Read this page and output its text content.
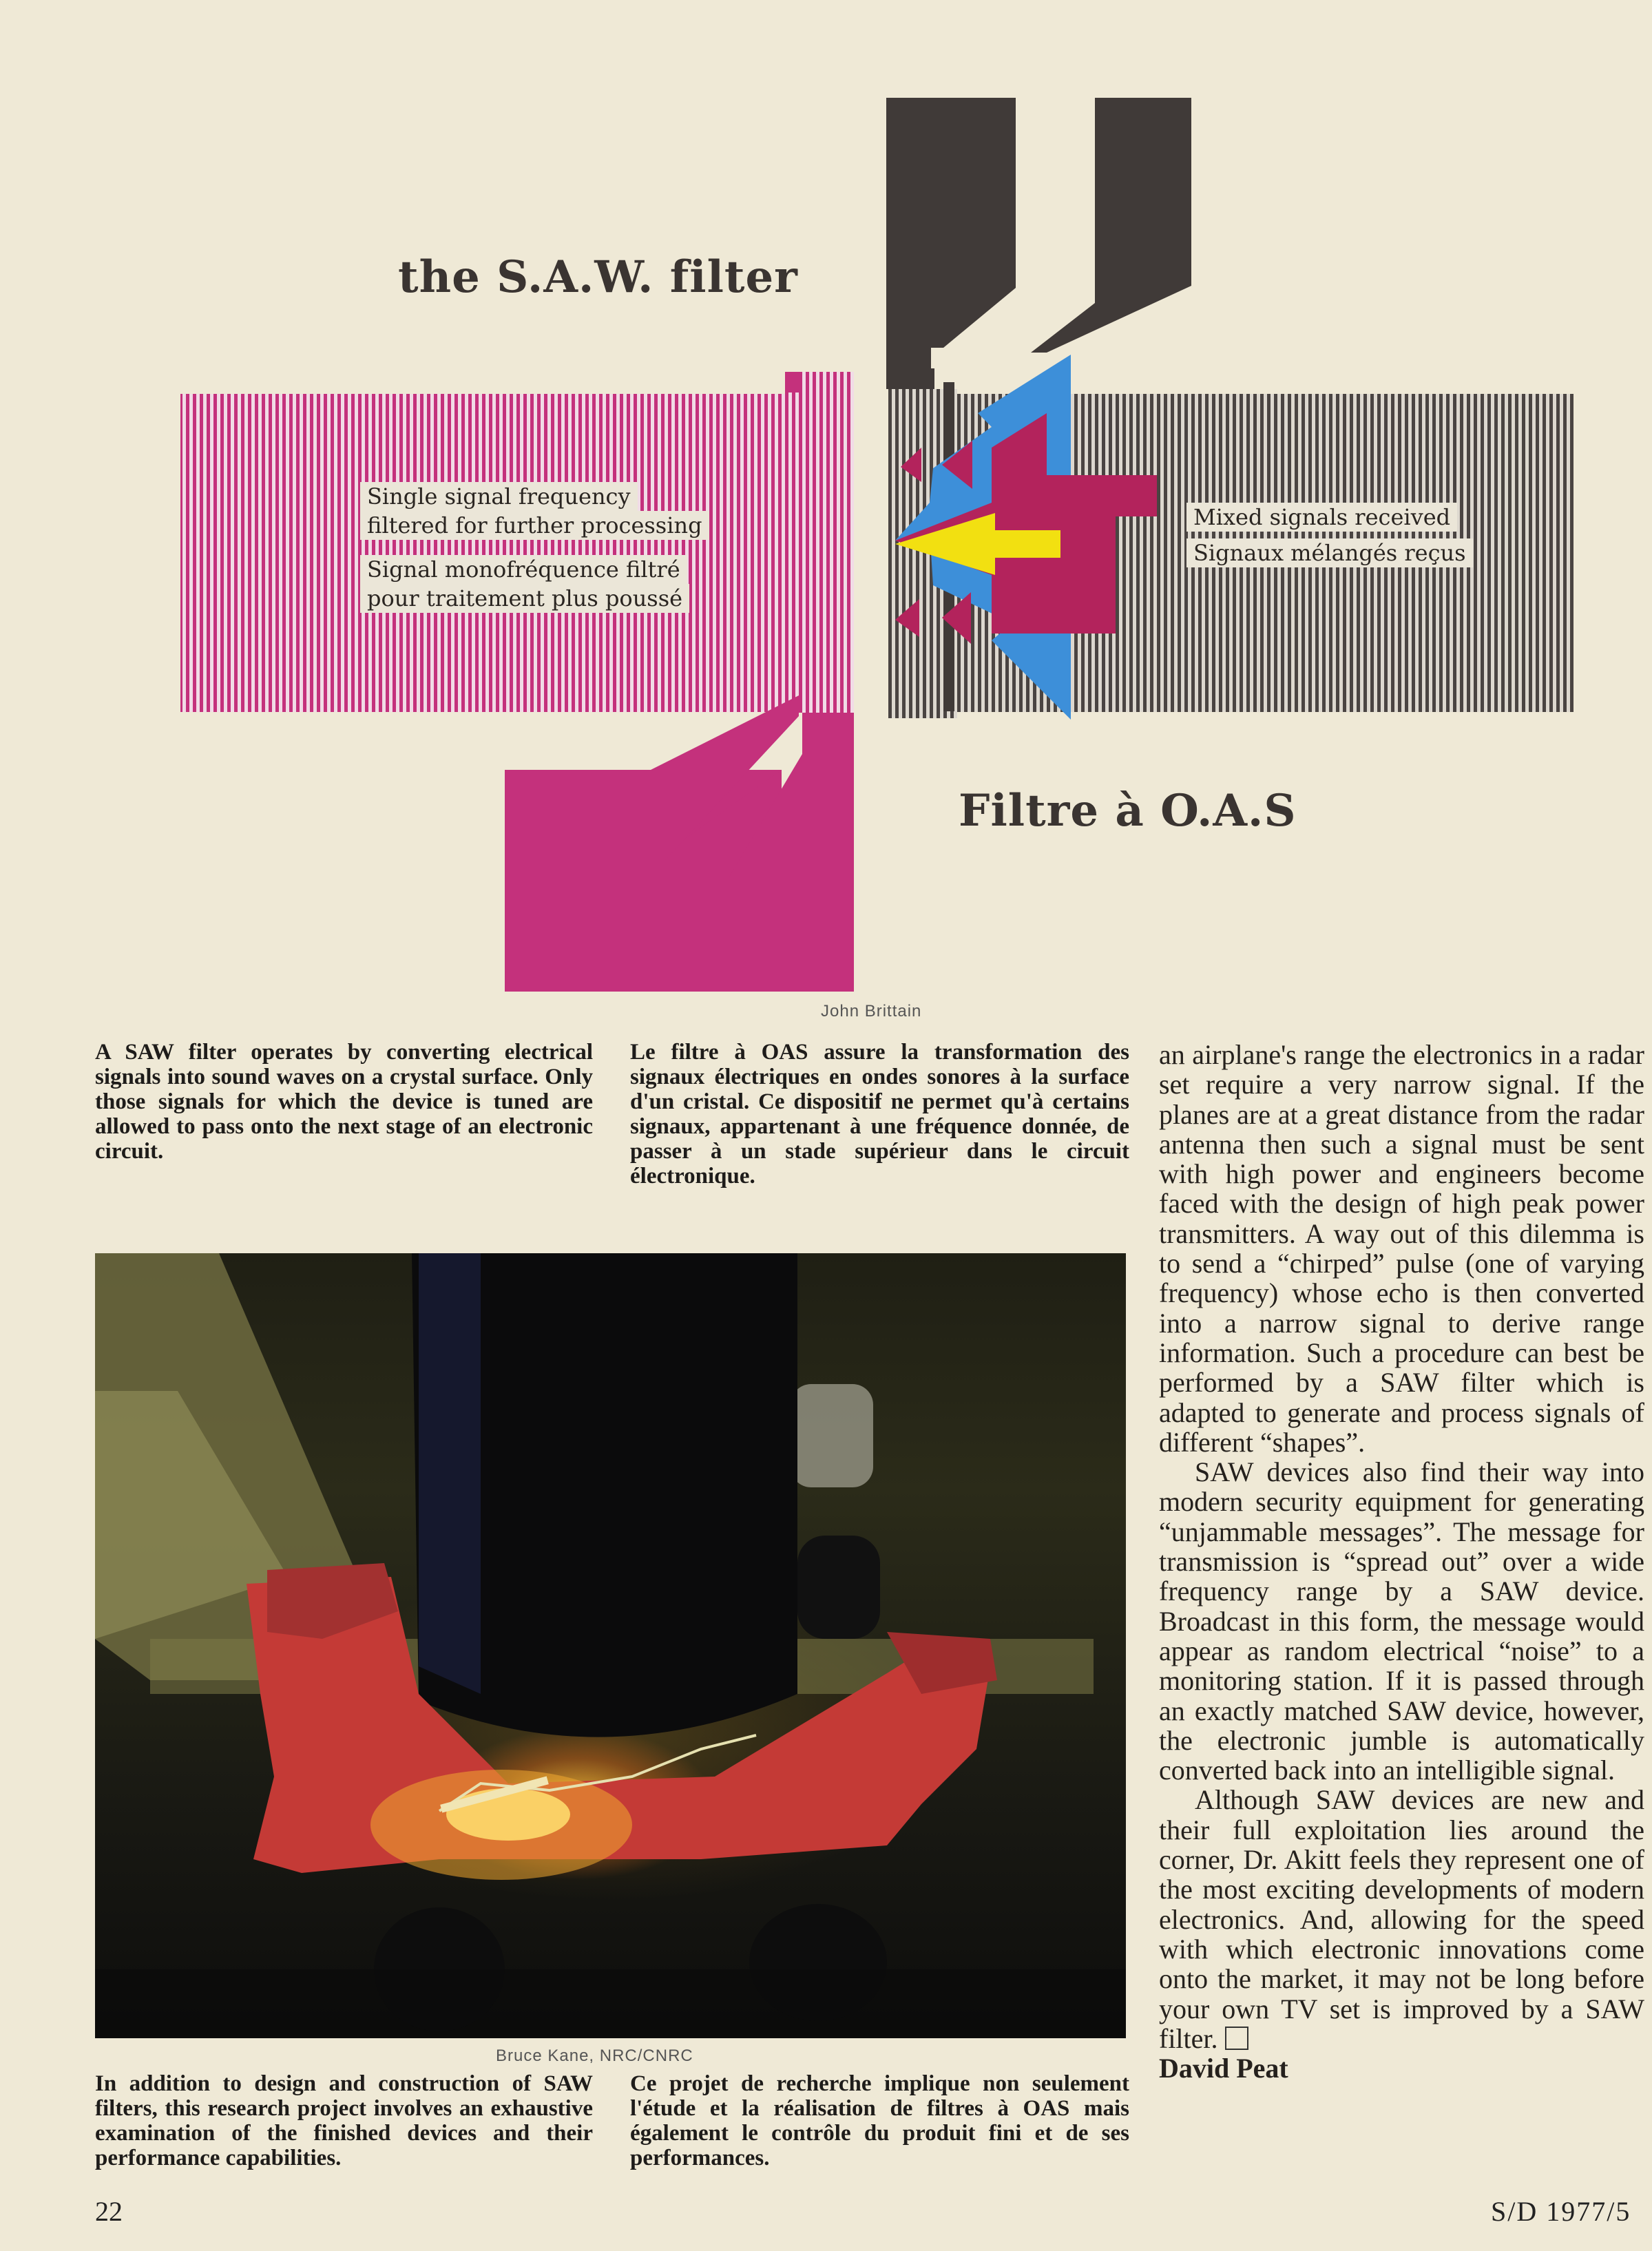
the S.A.W. filter
Filtre à O.A.S
Single signal frequency
filtered for further processing
Signal monofréquence filtré
pour traitement plus poussé
Mixed signals received
Signaux mélangés reçus
John Brittain
A SAW filter operates by converting electrical signals into sound waves on a crystal surface. Only those signals for which the device is tuned are allowed to pass onto the next stage of an electronic circuit.
Le filtre à OAS assure la transformation des signaux électriques en ondes sonores à la surface d'un cristal. Ce dispositif ne permet qu'à certains signaux, appartenant à une fréquence donnée, de passer à un stade supérieur dans le circuit électronique.
Bruce Kane, NRC/CNRC
In addition to design and construction of SAW filters, this research project involves an exhaustive examination of the finished devices and their performance capabilities.
Ce projet de recherche implique non seulement l'étude et la réalisation de filtres à OAS mais également le contrôle du produit fini et de ses performances.

an airplane's range the electronics in a radar set require a very narrow signal. If the planes are at a great distance from the radar antenna then such a signal must be sent with high power and engineers become faced with the design of high peak power transmitters. A way out of this dilemma is to send a “chirped” pulse (one of varying frequency) whose echo is then converted into a narrow signal to derive range information. Such a procedure can best be performed by a SAW filter which is adapted to generate and process signals of different “shapes”.

SAW devices also find their way into modern security equipment for generating “unjammable messages”. The message for transmission is “spread out” over a wide frequency range by a SAW device. Broadcast in this form, the message would appear as random electrical “noise” to a monitoring station. If it is passed through an exactly matched SAW device, however, the electronic jumble is automatically converted back into an intelligible signal.

Although SAW devices are new and their full exploitation lies around the corner, Dr. Akitt feels they represent one of the most exciting developments of modern electronics. And, allowing for the speed with which electronic innovations come onto the market, it may not be long before your own TV set is improved by a SAW filter.

David Peat

22	S/D 1977/5
